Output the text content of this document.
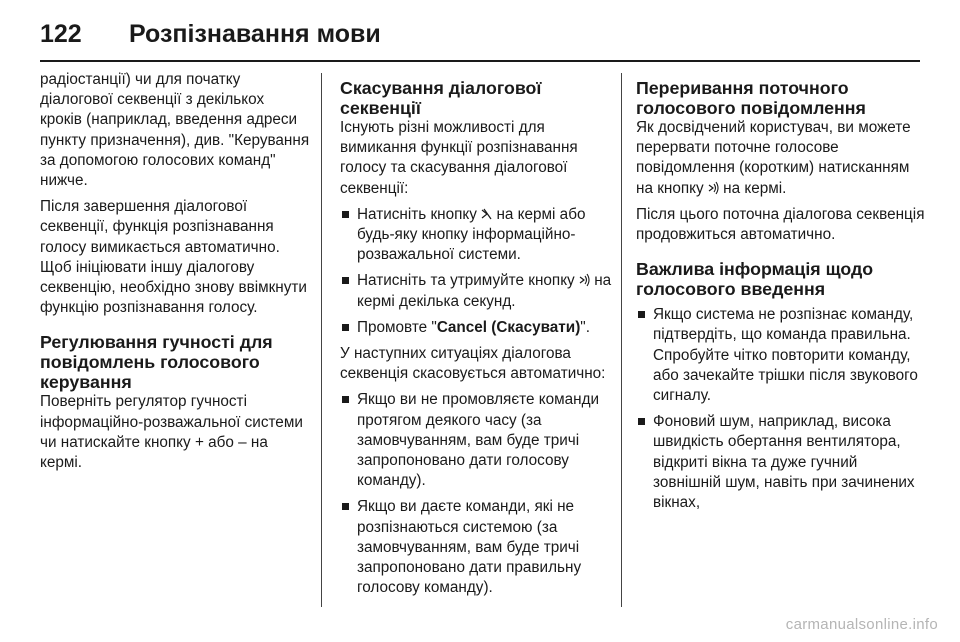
122 Розпізнавання мови

радіостанції) чи для початку діалогової секвенції з декількох кроків (наприклад, введення адреси пункту призначення), див. "Керування за допомогою голосових команд" нижче.

Після завершення діалогової секвенції, функція розпізнавання голосу вимикається автоматично. Щоб ініціювати іншу діалогову секвенцію, необхідно знову ввімкнути функцію розпізнавання голосу.

Регулювання гучності для повідомлень голосового керування

Поверніть регулятор гучності інформаційно-розважальної системи чи натискайте кнопку + або – на кермі.

Скасування діалогової секвенції

Існують різні можливості для вимикання функції розпізнавання голосу та скасування діалогової секвенції:

Натисніть кнопку на кермі або будь-яку кнопку інформаційно-розважальної системи.
Натисніть та утримуйте кнопку на кермі декілька секунд.
Промовте "Cancel (Скасувати)".

У наступних ситуаціях діалогова секвенція скасовується автоматично:

Якщо ви не промовляєте команди протягом деякого часу (за замовчуванням, вам буде тричі запропоновано дати голосову команду).
Якщо ви даєте команди, які не розпізнаються системою (за замовчуванням, вам буде тричі запропоновано дати правильну голосову команду).
Переривання поточного голосового повідомлення

Як досвідчений користувач, ви можете перервати поточне голосове повідомлення (коротким) натисканням на кнопку на кермі.

Після цього поточна діалогова секвенція продовжиться автоматично.

Важлива інформація щодо голосового введення
Якщо система не розпізнає команду, підтвердіть, що команда правильна. Спробуйте чітко повторити команду, або зачекайте трішки після звукового сигналу.
Фоновий шум, наприклад, висока швидкість обертання вентилятора, відкриті вікна та дуже гучний зовнішній шум, навіть при зачинених вікнах,
carmanualsonline.info
